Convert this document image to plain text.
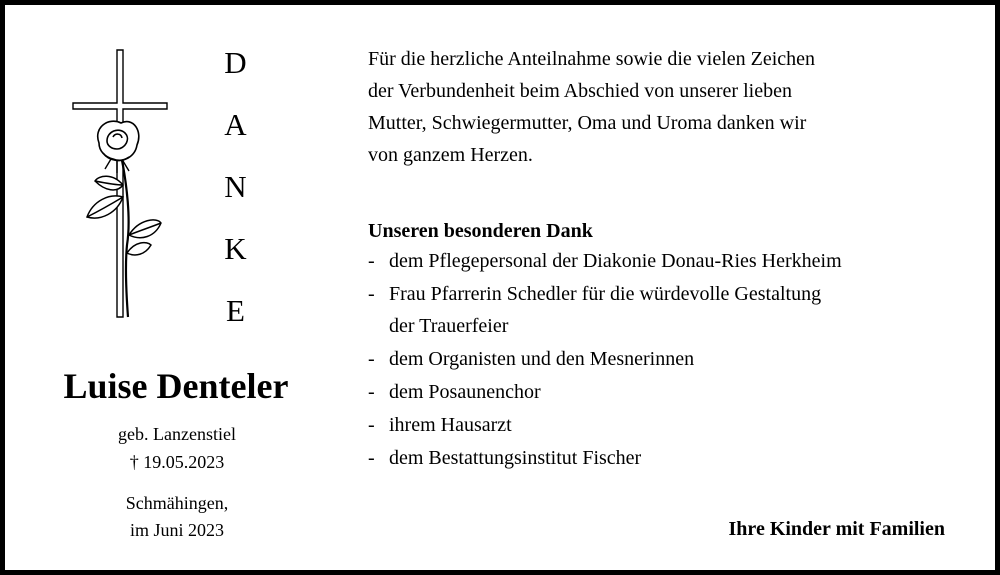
D
A
N
K
E
Luise Denteler
geb. Lanzenstiel
† 19.05.2023
Schmähingen,
im Juni 2023
Für die herzliche Anteilnahme sowie die vielen Zeichen
der Verbundenheit beim Abschied von unserer lieben
Mutter, Schwiegermutter, Oma und Uroma danken wir
von ganzem Herzen.
Unseren besonderen Dank
- dem Pflegepersonal der Diakonie Donau-Ries Herkheim
- Frau Pfarrerin Schedler für die würdevolle Gestaltung
der Trauerfeier
- dem Organisten und den Mesnerinnen
- dem Posaunenchor
- ihrem Hausarzt
- dem Bestattungsinstitut Fischer
Ihre Kinder mit Familien
